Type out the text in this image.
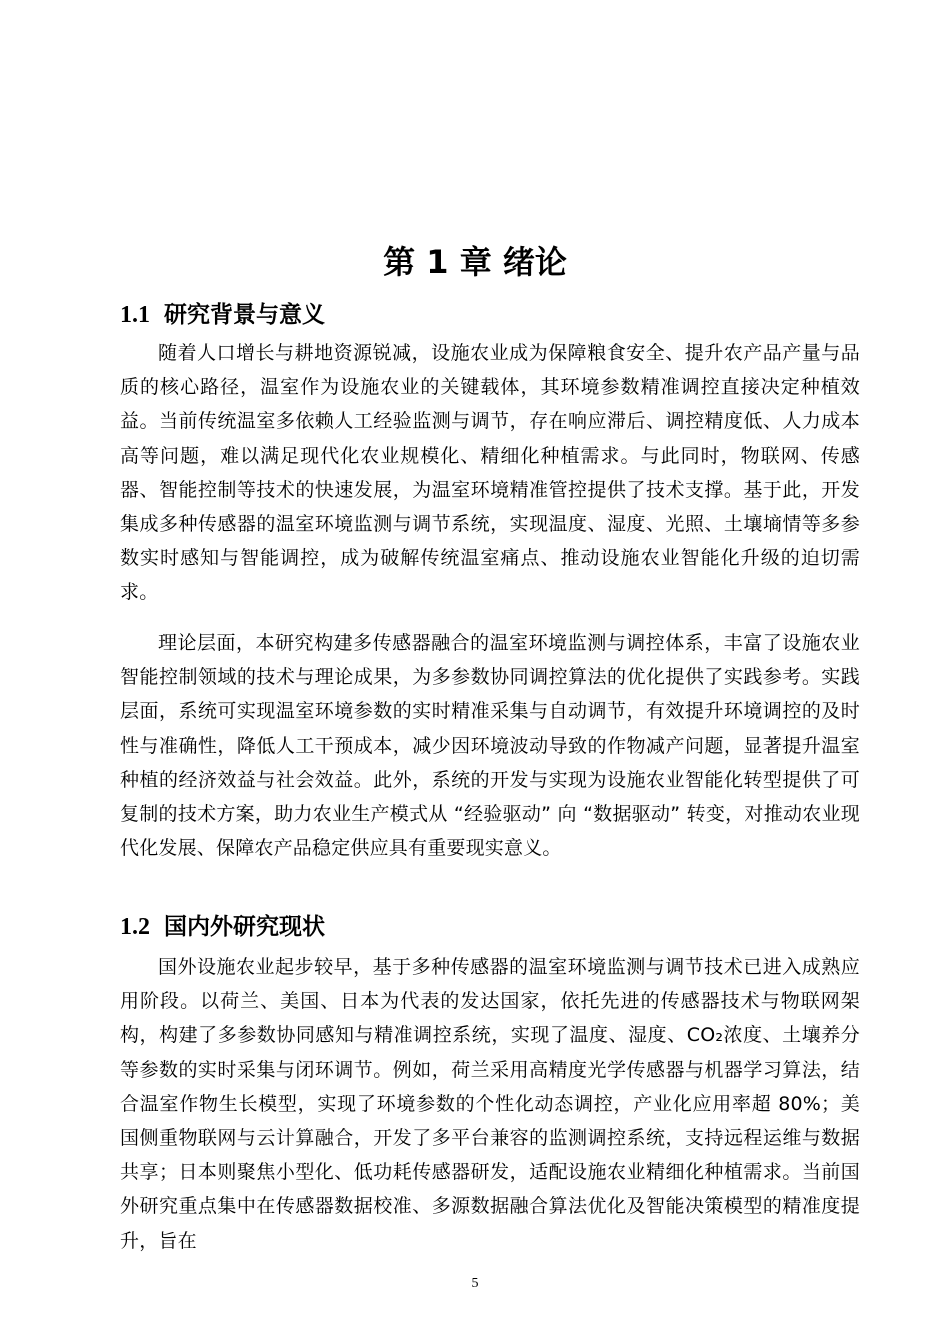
第 1 章 绪论
1.1 研究背景与意义

随着人口增长与耕地资源锐减，设施农业成为保障粮食安全、提升农产品产量与品质的核心路径，温室作为设施农业的关键载体，其环境参数精准调控直接决定种植效益。当前传统温室多依赖人工经验监测与调节，存在响应滞后、调控精度低、人力成本高等问题，难以满足现代化农业规模化、精细化种植需求。与此同时，物联网、传感器、智能控制等技术的快速发展，为温室环境精准管控提供了技术支撑。基于此，开发集成多种传感器的温室环境监测与调节系统，实现温度、湿度、光照、土壤墒情等多参数实时感知与智能调控，成为破解传统温室痛点、推动设施农业智能化升级的迫切需求。

理论层面，本研究构建多传感器融合的温室环境监测与调控体系，丰富了设施农业智能控制领域的技术与理论成果，为多参数协同调控算法的优化提供了实践参考。实践层面，系统可实现温室环境参数的实时精准采集与自动调节，有效提升环境调控的及时性与准确性，降低人工干预成本，减少因环境波动导致的作物减产问题，显著提升温室种植的经济效益与社会效益。此外，系统的开发与实现为设施农业智能化转型提供了可复制的技术方案，助力农业生产模式从 “经验驱动” 向 “数据驱动” 转变，对推动农业现代化发展、保障农产品稳定供应具有重要现实意义。

1.2 国内外研究现状

国外设施农业起步较早，基于多种传感器的温室环境监测与调节技术已进入成熟应用阶段。以荷兰、美国、日本为代表的发达国家，依托先进的传感器技术与物联网架构，构建了多参数协同感知与精准调控系统，实现了温度、湿度、CO₂浓度、土壤养分等参数的实时采集与闭环调节。例如，荷兰采用高精度光学传感器与机器学习算法，结合温室作物生长模型，实现了环境参数的个性化动态调控，产业化应用率超 80%；美国侧重物联网与云计算融合，开发了多平台兼容的监测调控系统，支持远程运维与数据共享；日本则聚焦小型化、低功耗传感器研发，适配设施农业精细化种植需求。当前国外研究重点集中在传感器数据校准、多源数据融合算法优化及智能决策模型的精准度提升，旨在

5
